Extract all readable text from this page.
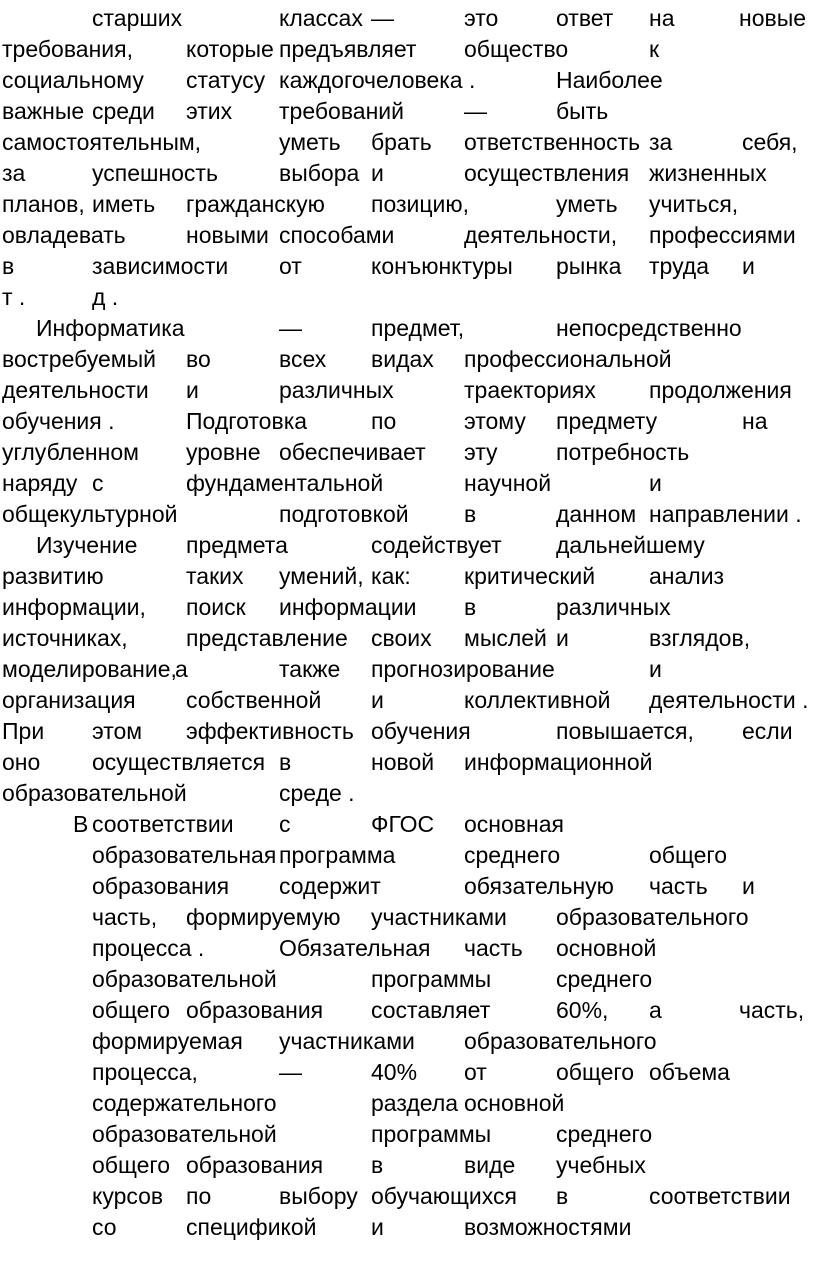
старших	классах —	это	ответ на	новые
требования, которые предъявляет общество	к
социальному статусу каждого человека .	Наиболее
важные среди этих требований	—	быть
самостоятельным,	уметь брать ответственность за	себя,
за	успешность	выбора и	осуществления жизненных
планов, иметь гражданскую позицию,	уметь учиться,
овладевать	новыми способами	деятельности, профессиями
в	зависимости от	конъюнктуры рынка труда и
т .	д .
Информатика	—	предмет,	непосредственно
востребуемый во	всех видах профессиональной
деятельности и	различных	траекториях продолжения
обучения .	Подготовка	по	этому предмету	на
углубленном уровне обеспечивает эту	потребность
наряду с	фундаментальной	научной	и
общекультурной	подготовкой в	данном направлении .
Изучение предмета	содействует дальнейшему
развитию	таких умений, как: критический анализ
информации, поиск информации в	различных
источниках,	представление своих мыслей и	взглядов,
моделирование,
а	также прогнозирование	и
организация собственной и	коллективной деятельности .
При этом эффективность обучения	повышается, если
оно осуществляется в	новой информационной
образовательной	среде .
В соответствии с	ФГОС основная
образовательная программа	среднего	общего
образования содержит	обязательную часть и
часть, формируемую участниками образовательного
процесса .	Обязательная часть основной
образовательной	программы	среднего
общего образования составляет	60%, а	часть,
формируемая участниками образовательного
процесса,	—	40% от	общего объема
содержательного	раздела основной
образовательной	программы	среднего
общего образования в	виде учебных
курсов по	выбору обучающихся в	соответствии
со	спецификой и	возможностями
